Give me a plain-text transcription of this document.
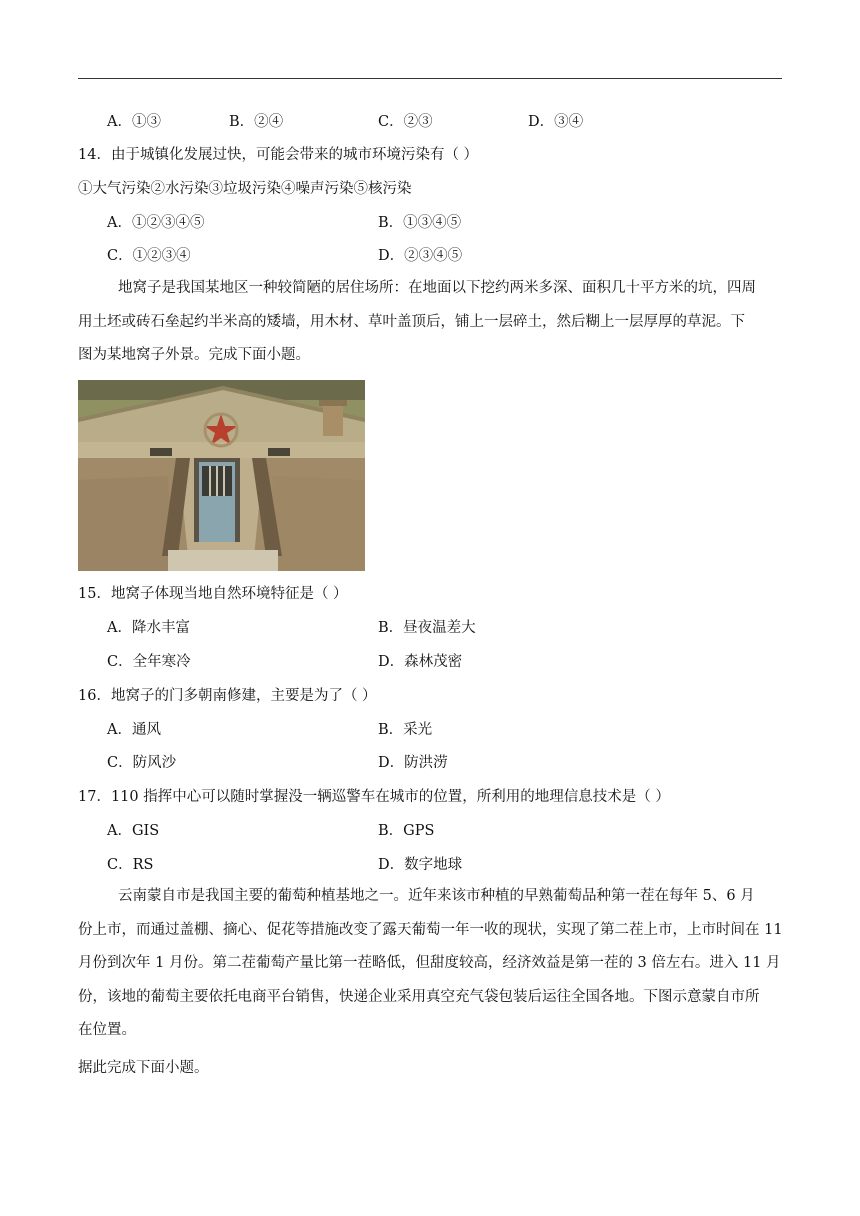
A．①③	B．②④	C．②③	D．③④
14．由于城镇化发展过快，可能会带来的城市环境污染有（ ）
①大气污染②水污染③垃圾污染④噪声污染⑤核污染
A．①②③④⑤	B．①③④⑤
C．①②③④	D．②③④⑤

地窝子是我国某地区一种较简陋的居住场所：在地面以下挖约两米多深、面积几十平方米的坑，四周

用土坯或砖石垒起约半米高的矮墙，用木材、草叶盖顶后，铺上一层碎土，然后糊上一层厚厚的草泥。下

图为某地窝子外景。完成下面小题。

15．地窝子体现当地自然环境特征是（ ）
A．降水丰富	B．昼夜温差大
C．全年寒冷	D．森林茂密
16．地窝子的门多朝南修建，主要是为了（ ）
A．通风	B．采光
C．防风沙	D．防洪涝
17．110 指挥中心可以随时掌握没一辆巡警车在城市的位置，所利用的地理信息技术是（ ）
A．GIS	B．GPS
C．RS	D．数字地球

云南蒙自市是我国主要的葡萄种植基地之一。近年来该市种植的早熟葡萄品种第一茬在每年 5、6 月

份上市，而通过盖棚、摘心、促花等措施改变了露天葡萄一年一收的现状，实现了第二茬上市，上市时间在 11

月份到次年 1 月份。第二茬葡萄产量比第一茬略低，但甜度较高，经济效益是第一茬的 3 倍左右。进入 11 月

份，该地的葡萄主要依托电商平台销售，快递企业采用真空充气袋包装后运往全国各地。下图示意蒙自市所

在位置。

据此完成下面小题。
